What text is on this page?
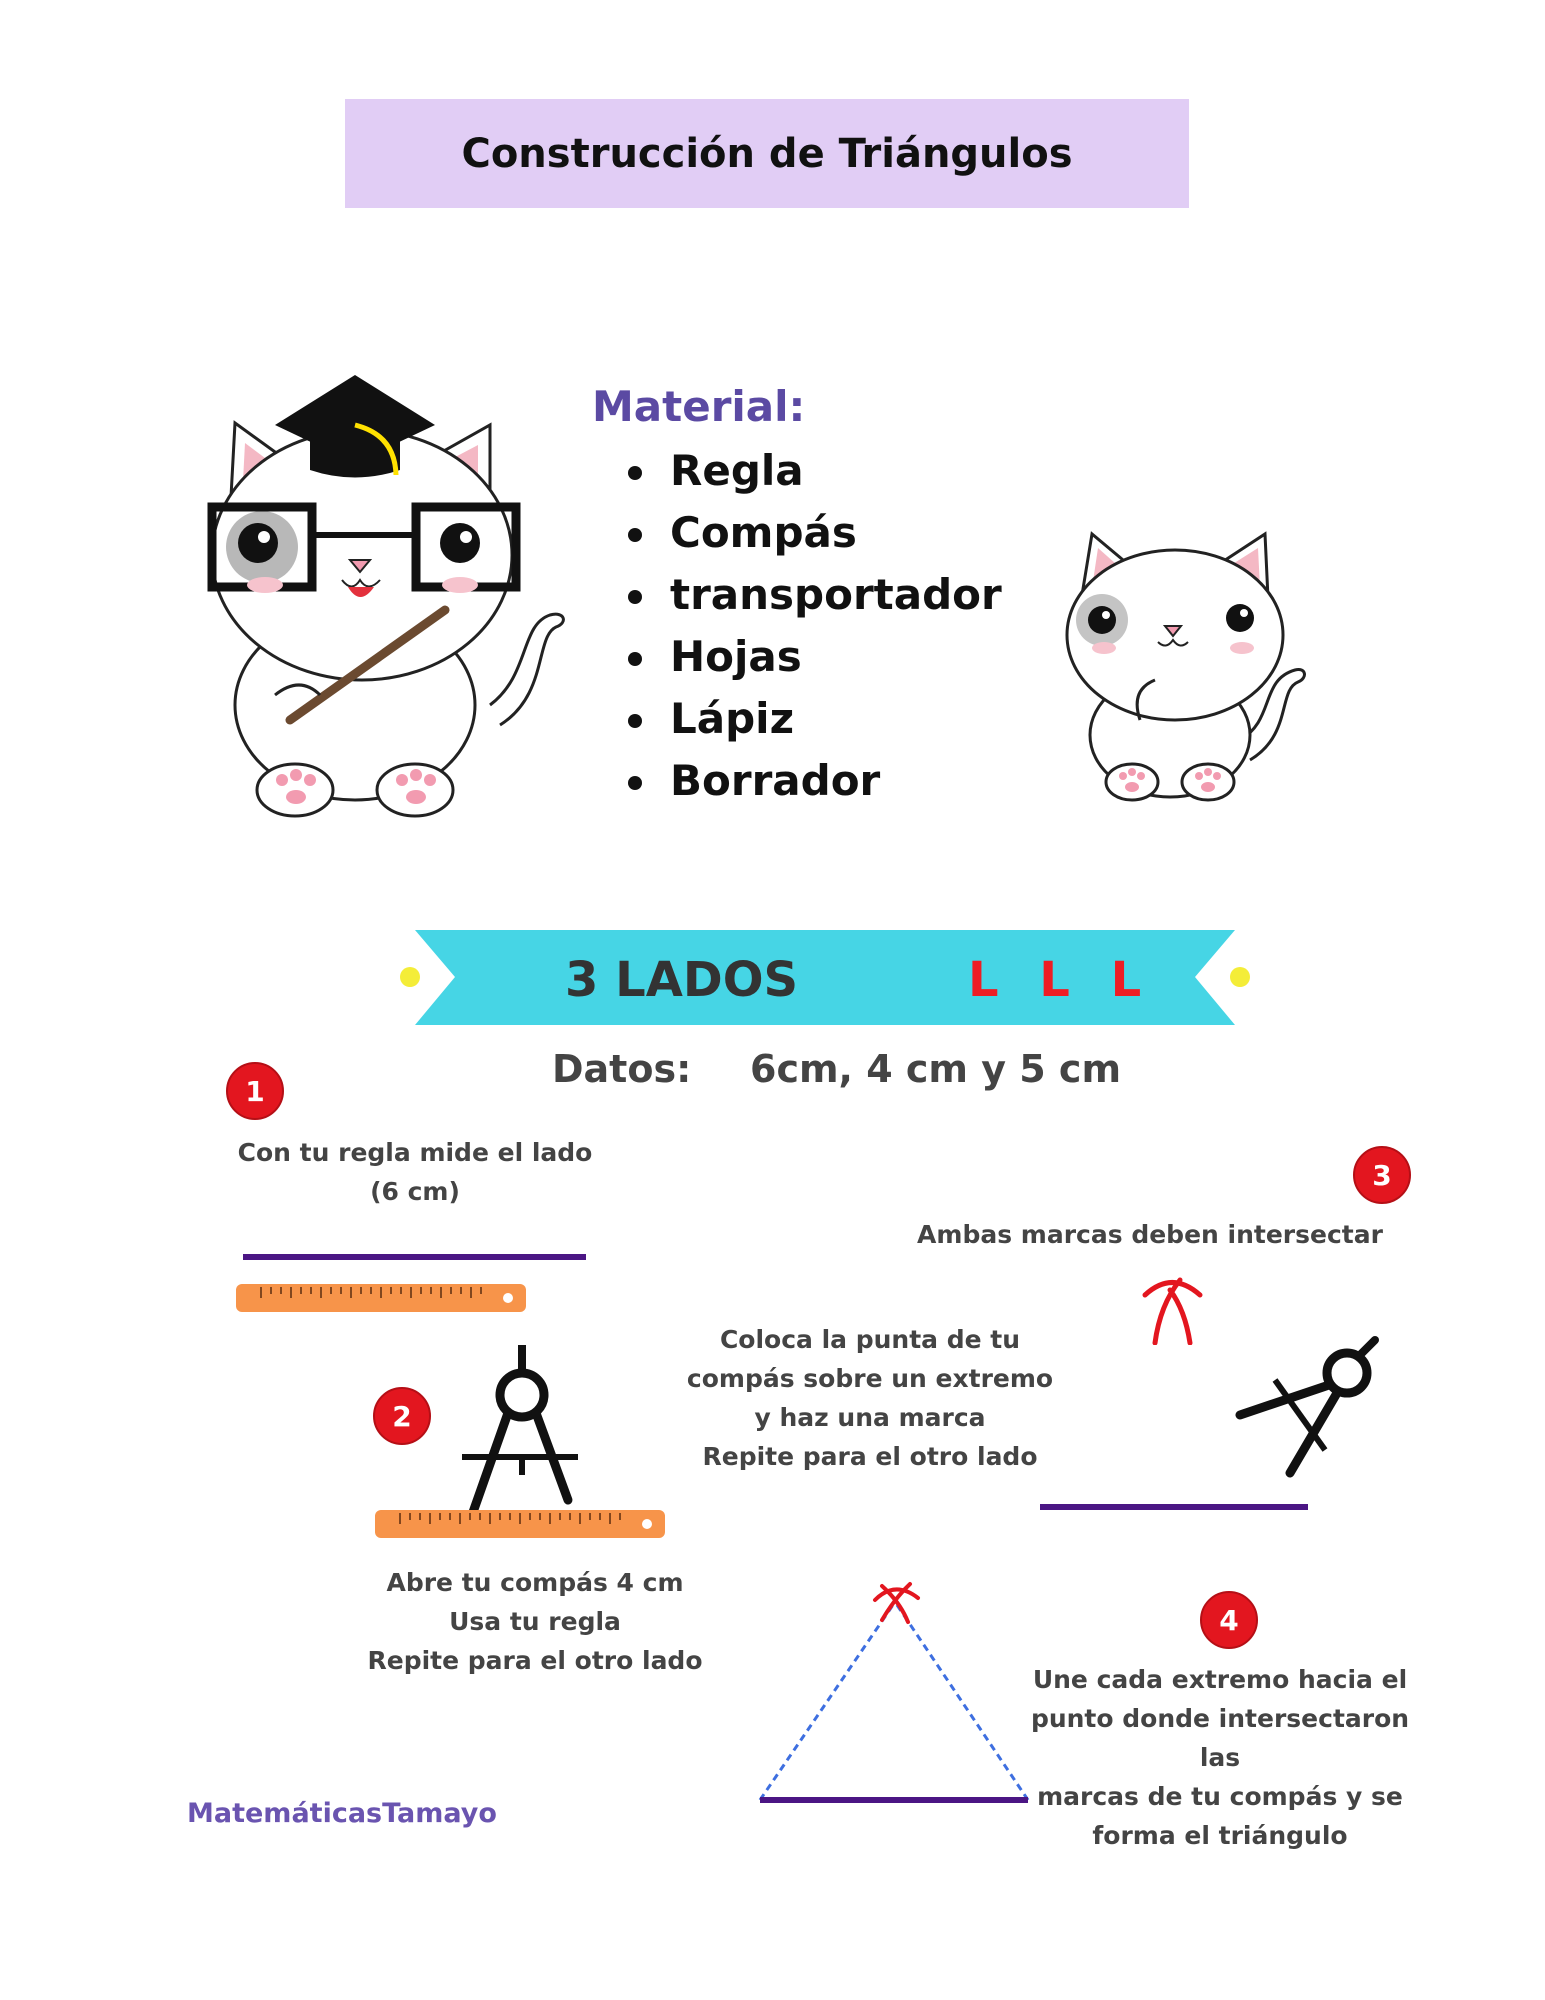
Construcción de Triángulos
Material:
Regla
Compás
transportador
Hojas
Lápiz
Borrador
3 LADOS	L L L
Datos: 6cm, 4 cm y 5 cm
1
Con tu regla mide el lado
(6 cm)
2
Abre tu compás 4 cm
Usa tu regla
Repite para el otro lado
Coloca la punta de tu
compás sobre un extremo
y haz una marca
Repite para el otro lado
3
Ambas marcas deben intersectar
4
Une cada extremo hacia el
punto donde intersectaron las
marcas de tu compás y se
forma el triángulo
MatemáticasTamayo
